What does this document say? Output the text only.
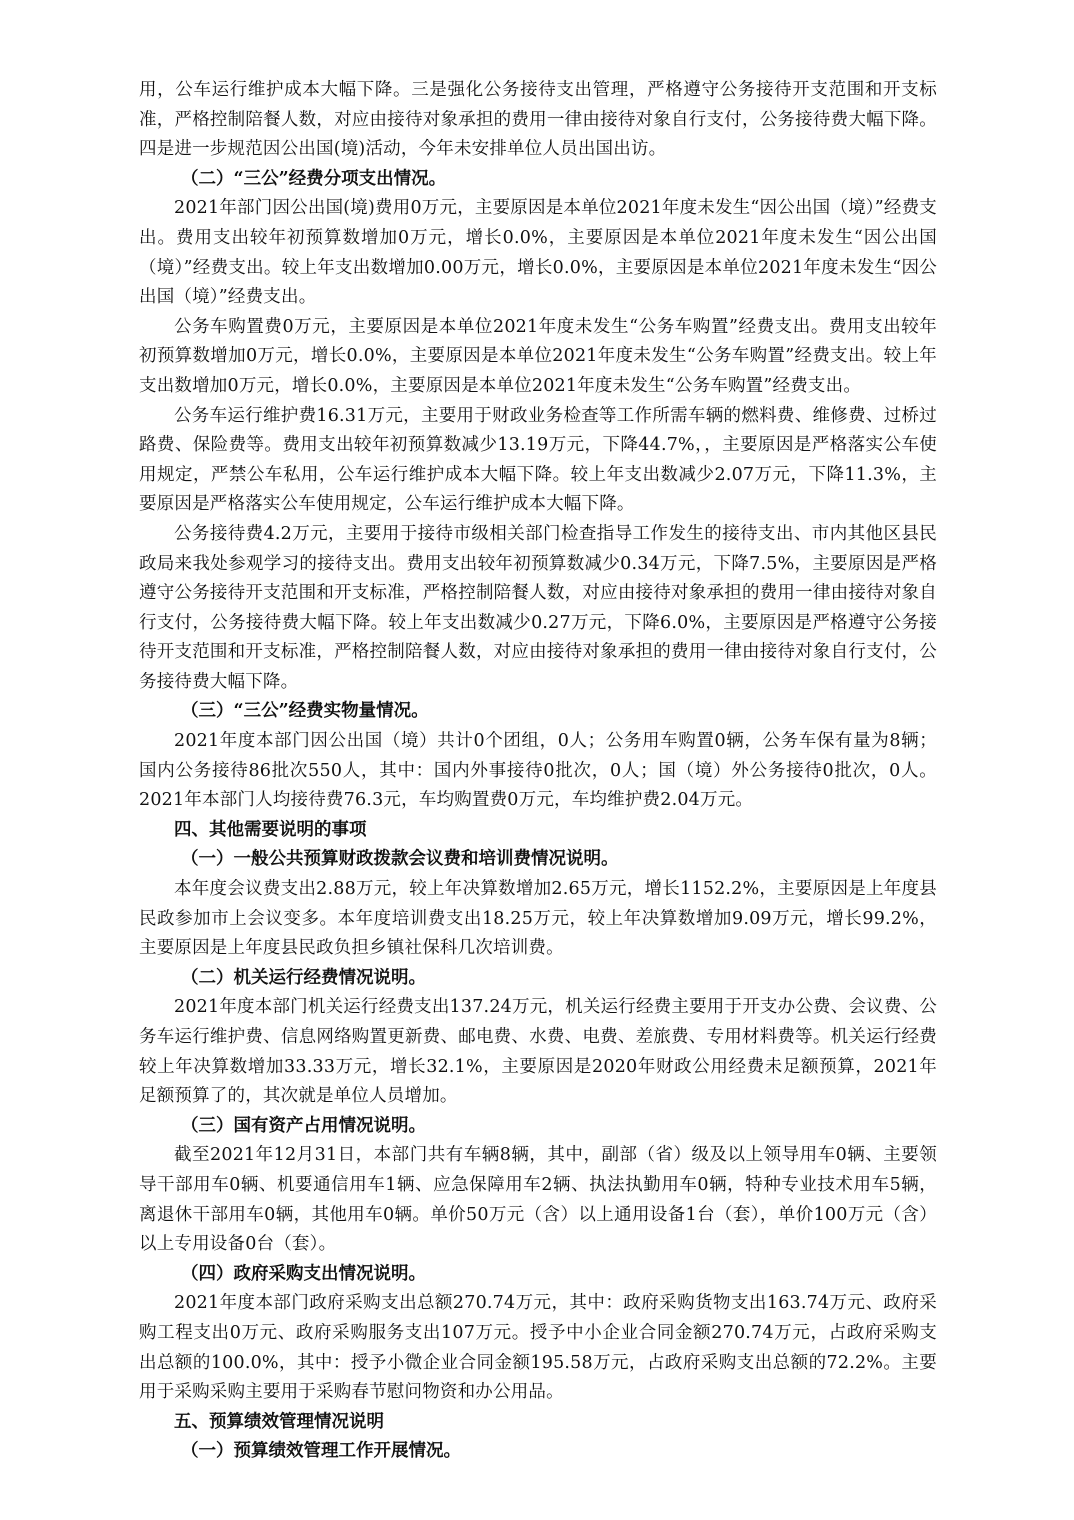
用，公车运行维护成本大幅下降。三是强化公务接待支出管理，严格遵守公务接待开支范围和开支标准，严格控制陪餐人数，对应由接待对象承担的费用一律由接待对象自行支付，公务接待费大幅下降。四是进一步规范因公出国(境)活动，今年未安排单位人员出国出访。

（二）“三公”经费分项支出情况。

2021年部门因公出国(境)费用0万元，主要原因是本单位2021年度未发生“因公出国（境）”经费支出。费用支出较年初预算数增加0万元，增长0.0%，主要原因是本单位2021年度未发生“因公出国（境）”经费支出。较上年支出数增加0.00万元，增长0.0%，主要原因是本单位2021年度未发生“因公出国（境）”经费支出。

公务车购置费0万元，主要原因是本单位2021年度未发生“公务车购置”经费支出。费用支出较年初预算数增加0万元，增长0.0%，主要原因是本单位2021年度未发生“公务车购置”经费支出。较上年支出数增加0万元，增长0.0%，主要原因是本单位2021年度未发生“公务车购置”经费支出。

公务车运行维护费16.31万元，主要用于财政业务检查等工作所需车辆的燃料费、维修费、过桥过路费、保险费等。费用支出较年初预算数减少13.19万元，下降44.7%，，主要原因是严格落实公车使用规定，严禁公车私用，公车运行维护成本大幅下降。较上年支出数减少2.07万元，下降11.3%，主要原因是严格落实公车使用规定，公车运行维护成本大幅下降。

公务接待费4.2万元，主要用于接待市级相关部门检查指导工作发生的接待支出、市内其他区县民政局来我处参观学习的接待支出。费用支出较年初预算数减少0.34万元，下降7.5%，主要原因是严格遵守公务接待开支范围和开支标准，严格控制陪餐人数，对应由接待对象承担的费用一律由接待对象自行支付，公务接待费大幅下降。较上年支出数减少0.27万元，下降6.0%，主要原因是严格遵守公务接待开支范围和开支标准，严格控制陪餐人数，对应由接待对象承担的费用一律由接待对象自行支付，公务接待费大幅下降。

（三）“三公”经费实物量情况。

2021年度本部门因公出国（境）共计0个团组，0人；公务用车购置0辆，公务车保有量为8辆；国内公务接待86批次550人，其中：国内外事接待0批次，0人；国（境）外公务接待0批次，0人。2021年本部门人均接待费76.3元，车均购置费0万元，车均维护费2.04万元。

四、其他需要说明的事项

（一）一般公共预算财政拨款会议费和培训费情况说明。

本年度会议费支出2.88万元，较上年决算数增加2.65万元，增长1152.2%，主要原因是上年度县民政参加市上会议变多。本年度培训费支出18.25万元，较上年决算数增加9.09万元，增长99.2%，主要原因是上年度县民政负担乡镇社保科几次培训费。

（二）机关运行经费情况说明。

2021年度本部门机关运行经费支出137.24万元，机关运行经费主要用于开支办公费、会议费、公务车运行维护费、信息网络购置更新费、邮电费、水费、电费、差旅费、专用材料费等。机关运行经费较上年决算数增加33.33万元，增长32.1%，主要原因是2020年财政公用经费未足额预算，2021年足额预算了的，其次就是单位人员增加。

（三）国有资产占用情况说明。

截至2021年12月31日，本部门共有车辆8辆，其中，副部（省）级及以上领导用车0辆、主要领导干部用车0辆、机要通信用车1辆、应急保障用车2辆、执法执勤用车0辆，特种专业技术用车5辆，离退休干部用车0辆，其他用车0辆。单价50万元（含）以上通用设备1台（套），单价100万元（含）以上专用设备0台（套）。

（四）政府采购支出情况说明。

2021年度本部门政府采购支出总额270.74万元，其中：政府采购货物支出163.74万元、政府采购工程支出0万元、政府采购服务支出107万元。授予中小企业合同金额270.74万元，占政府采购支出总额的100.0%，其中：授予小微企业合同金额195.58万元，占政府采购支出总额的72.2%。主要用于采购采购主要用于采购春节慰问物资和办公用品。

五、预算绩效管理情况说明

（一）预算绩效管理工作开展情况。
